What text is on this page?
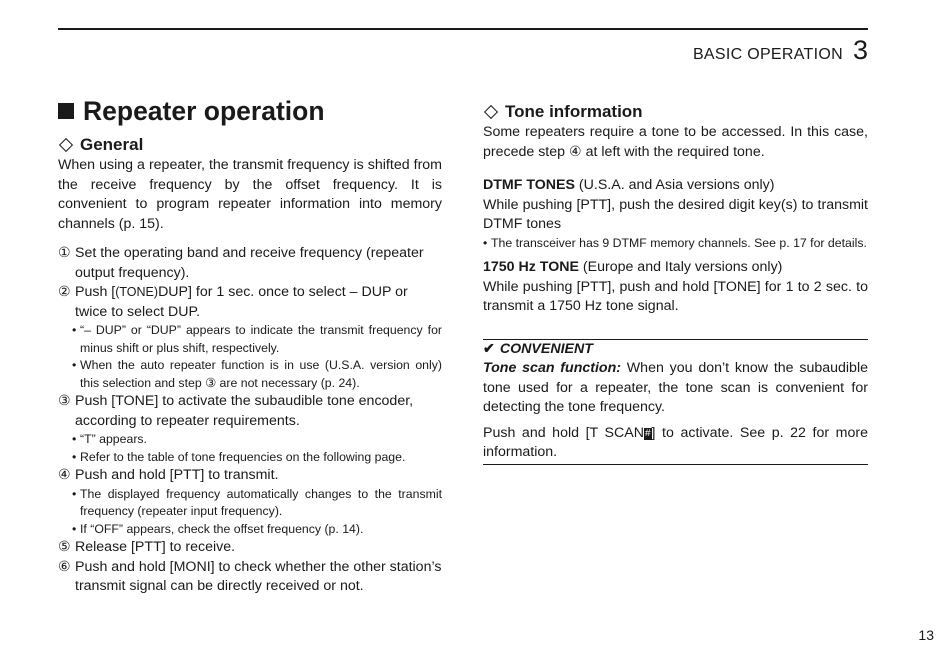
BASIC OPERATION 3
Repeater operation
General

When using a repeater, the transmit frequency is shifted from the receive frequency by the offset frequency. It is convenient to program repeater information into memory channels (p. 15).

① Set the operating band and receive frequency (repeater output frequency).
② Push [(TONE)DUP] for 1 sec. once to select – DUP or twice to select DUP.
• “– DUP” or “DUP” appears to indicate the transmit frequency for minus shift or plus shift, respectively.
• When the auto repeater function is in use (U.S.A. version only) this selection and step ③ are not necessary (p. 24).
③ Push [TONE] to activate the subaudible tone encoder, according to repeater requirements.
• “T” appears.
• Refer to the table of tone frequencies on the following page.
④ Push and hold [PTT] to transmit.
• The displayed frequency automatically changes to the transmit frequency (repeater input frequency).
• If “OFF” appears, check the offset frequency (p. 14).
⑤ Release [PTT] to receive.
⑥ Push and hold [MONI] to check whether the other station’s transmit signal can be directly received or not.
Tone information

Some repeaters require a tone to be accessed. In this case, precede step ④ at left with the required tone.

DTMF TONES (U.S.A. and Asia versions only)

While pushing [PTT], push the desired digit key(s) to transmit DTMF tones

• The transceiver has 9 DTMF memory channels. See p. 17 for details.

1750 Hz TONE (Europe and Italy versions only)

While pushing [PTT], push and hold [TONE] for 1 to 2 sec. to transmit a 1750 Hz tone signal.

✔ CONVENIENT

Tone scan function: When you don’t know the subaudible tone used for a repeater, the tone scan is convenient for detecting the tone frequency.

Push and hold [T SCAN#] to activate. See p. 22 for more information.

13
